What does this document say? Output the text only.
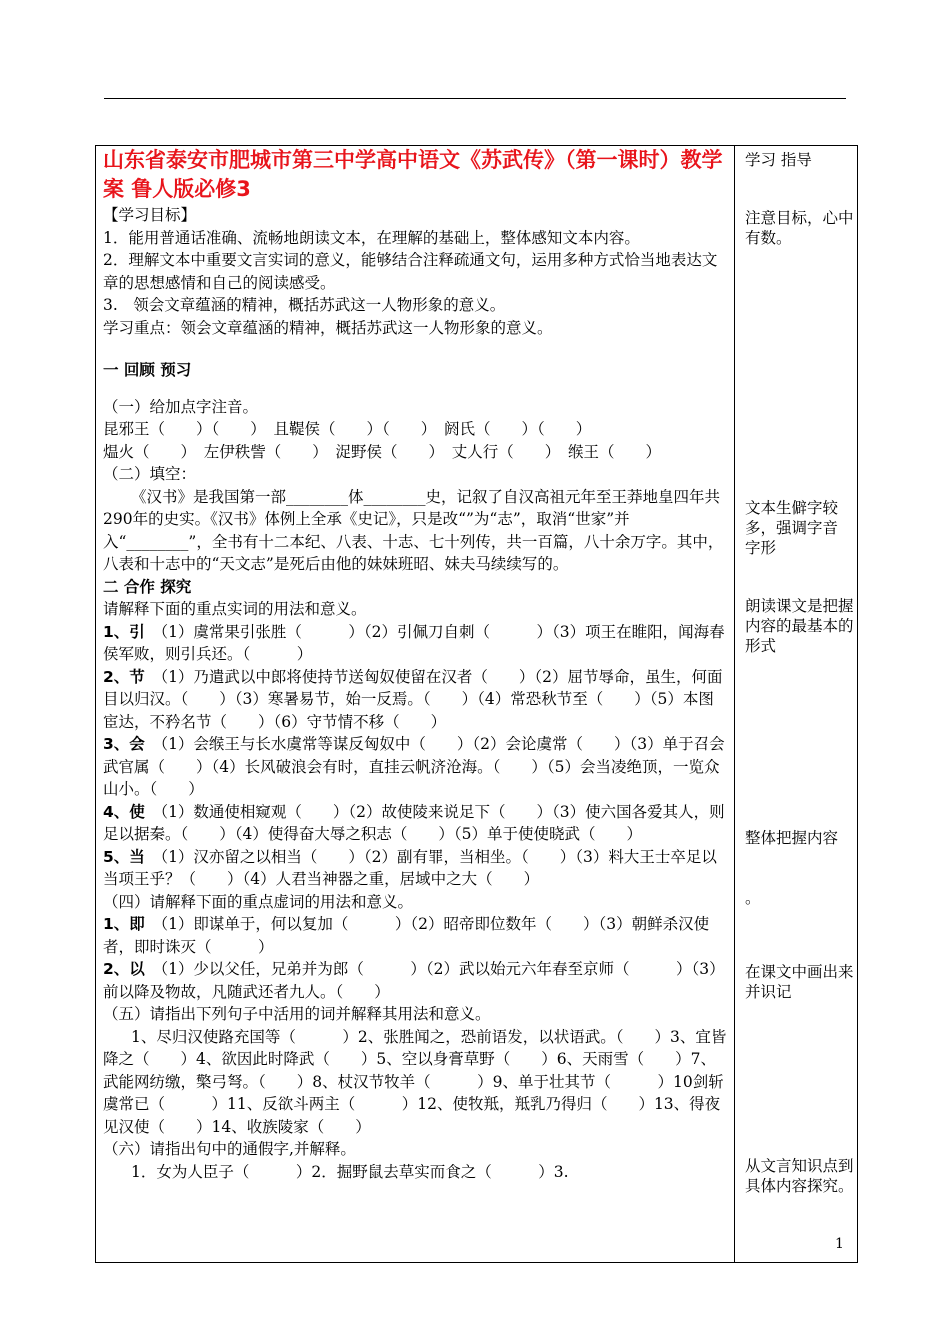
山东省泰安市肥城市第三中学高中语文《苏武传》（第一课时）教学案 鲁人版必修3

【学习目标】

1．能用普通话准确、流畅地朗读文本，在理解的基础上，整体感知文本内容。

2．理解文本中重要文言实词的意义，能够结合注释疏通文句，运用多种方式恰当地表达文章的思想感情和自己的阅读感受。

3.　领会文章蕴涵的精神，概括苏武这一人物形象的意义。

学习重点：领会文章蕴涵的精神，概括苏武这一人物形象的意义。

一 回顾 预习

（一）给加点字注音。

昆邪王（　　）（　　）　且鞮侯（　　）（　　）　阏氏（　　）（　　）

煴火（　　）　左伊秩訾（　　）　浞野侯（　　）　丈人行（　　）　缑王（　　）

（二）填空：

《汉书》是我国第一部________体________史，记叙了自汉高祖元年至王莽地皇四年共290年的史实。《汉书》体例上全承《史记》，只是改“”为“志”，取消“世家”并入“________”，全书有十二本纪、八表、十志、七十列传，共一百篇，八十余万字。其中，八表和十志中的“天文志”是死后由他的妹妹班昭、妹夫马续续写的。

二 合作 探究

请解释下面的重点实词的用法和意义。

1、引　 （1）虞常果引张胜（　　　）（2）引佩刀自刺（　　　）（3）项王在睢阳，闻海春侯军败，则引兵还。（　　　）

2、节　 （1）乃遣武以中郎将使持节送匈奴使留在汉者（　　）（2）屈节辱命，虽生，何面目以归汉。（　　）（3）寒暑易节，始一反焉。（　　）（4）常恐秋节至（　　）（5）本图宦达，不矜名节（　　）（6）守节情不移（　　）

3、会　 （1）会缑王与长水虞常等谋反匈奴中（　　）（2）会论虞常（　　）（3）单于召会武官属（　　）（4）长风破浪会有时，直挂云帆济沧海。（　　）（5）会当凌绝顶，一览众山小。（　　）

4、使　 （1）数通使相窥观（　　）（2）故使陵来说足下（　　）（3）使六国各爱其人，则足以据秦。（　　）（4）使得奋大辱之积志（　　）（5）单于使使晓武（　　）

5、当　 （1）汉亦留之以相当（　　）（2）副有罪，当相坐。（　　）（3）料大王士卒足以当项王乎？（　　）（4）人君当神器之重，居域中之大（　　）

（四）请解释下面的重点虚词的用法和意义。

1、即　 （1）即谋单于，何以复加（　　　）（2）昭帝即位数年（　　）（3）朝鲜杀汉使者，即时诛灭（　　　）

2、以　 （1）少以父任，兄弟并为郎（　　　）（2）武以始元六年春至京师（　　　）（3）前以降及物故，凡随武还者九人。（　　）

（五）请指出下列句子中活用的词并解释其用法和意义。

1、尽归汉使路充国等（　　　）2、张胜闻之，恐前语发，以状语武。（　　）3、宜皆降之（　　）4、欲因此时降武（　　）5、空以身膏草野（　　）6、天雨雪（　　）7、武能网纺缴，檠弓弩。（　　）8、杖汉节牧羊（　　　）9、单于壮其节（　　　）10剑斩虞常已（　　　）11、反欲斗两主（　　　）12、使牧羝，羝乳乃得归（　　）13、得夜见汉使（　　）14、收族陵家（　　）

（六）请指出句中的通假字,并解释。

1．女为人臣子（　　　）2．掘野鼠去草实而食之（　　　）3.

学习 指导
注意目标，心中有数。
文本生僻字较多，强调字音 字形
朗读课文是把握内容的最基本的形式
整体把握内容
。
在课文中画出来并识记
从文言知识点到具体内容探究。
1
